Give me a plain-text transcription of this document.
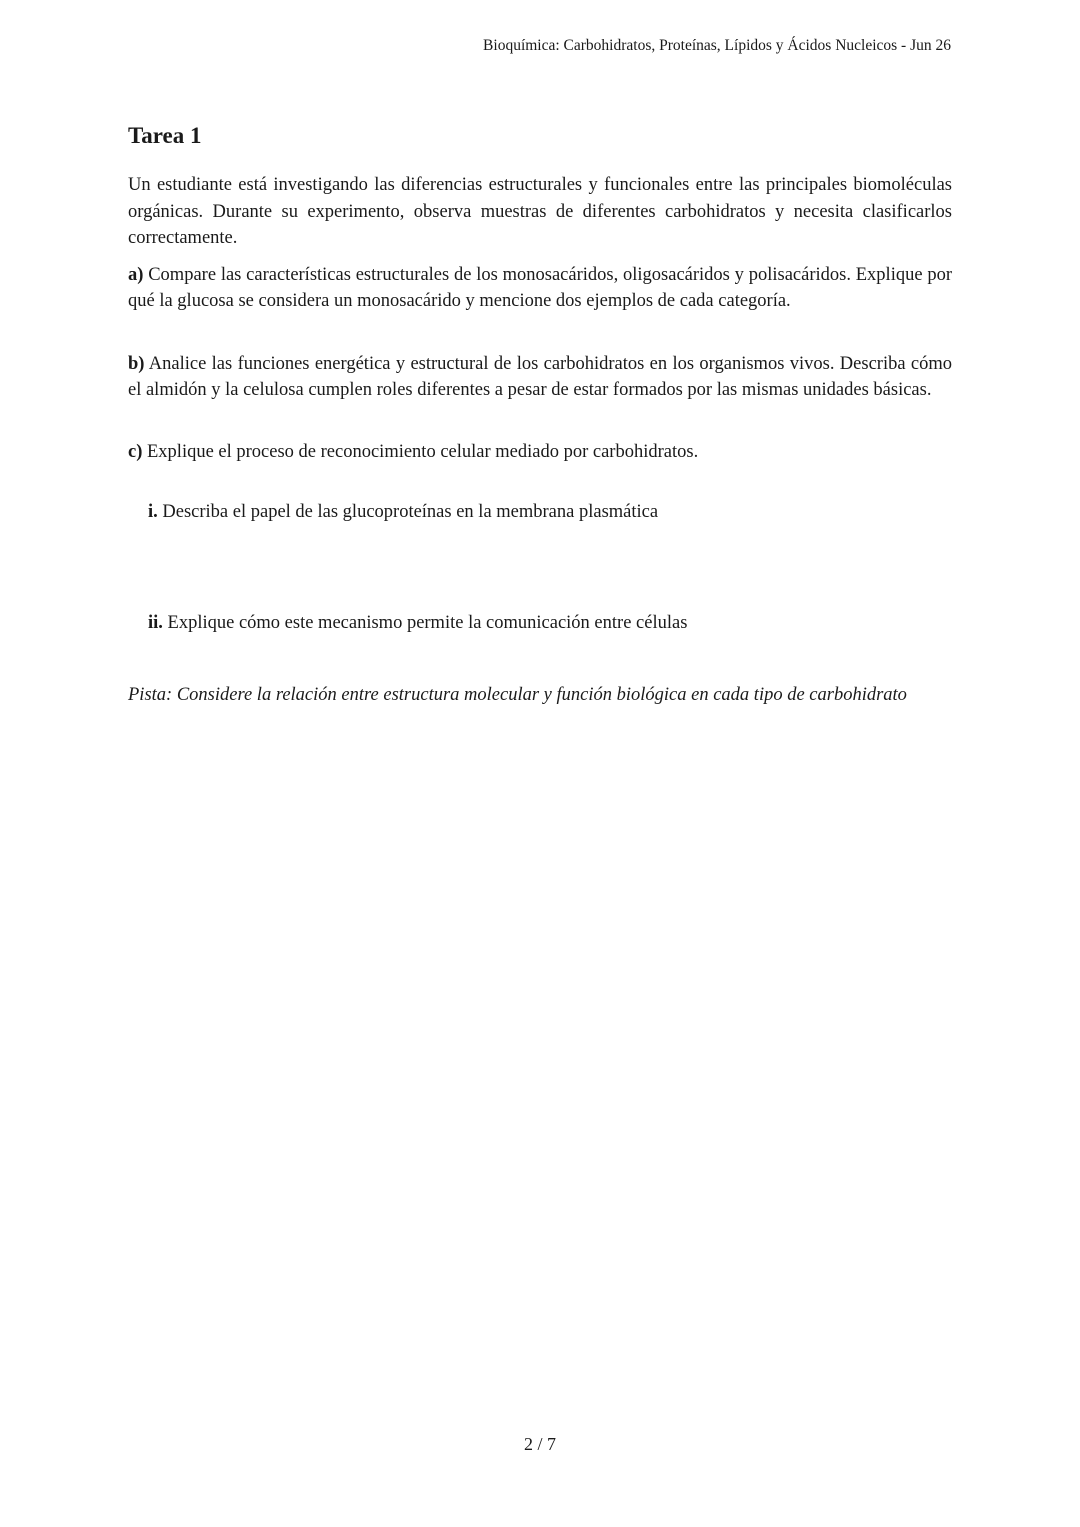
Bioquímica: Carbohidratos, Proteínas, Lípidos y Ácidos Nucleicos - Jun 26
Tarea 1

Un estudiante está investigando las diferencias estructurales y funcionales entre las principales biomoléculas orgánicas. Durante su experimento, observa muestras de diferentes carbohidratos y necesita clasificarlos correctamente.

a) Compare las características estructurales de los monosacáridos, oligosacáridos y polisacáridos. Explique por qué la glucosa se considera un monosacárido y mencione dos ejemplos de cada categoría.

b) Analice las funciones energética y estructural de los carbohidratos en los organismos vivos. Describa cómo el almidón y la celulosa cumplen roles diferentes a pesar de estar formados por las mismas unidades básicas.

c) Explique el proceso de reconocimiento celular mediado por carbohidratos.

i. Describa el papel de las glucoproteínas en la membrana plasmática

ii. Explique cómo este mecanismo permite la comunicación entre células

Pista: Considere la relación entre estructura molecular y función biológica en cada tipo de carbohidrato

2 / 7
